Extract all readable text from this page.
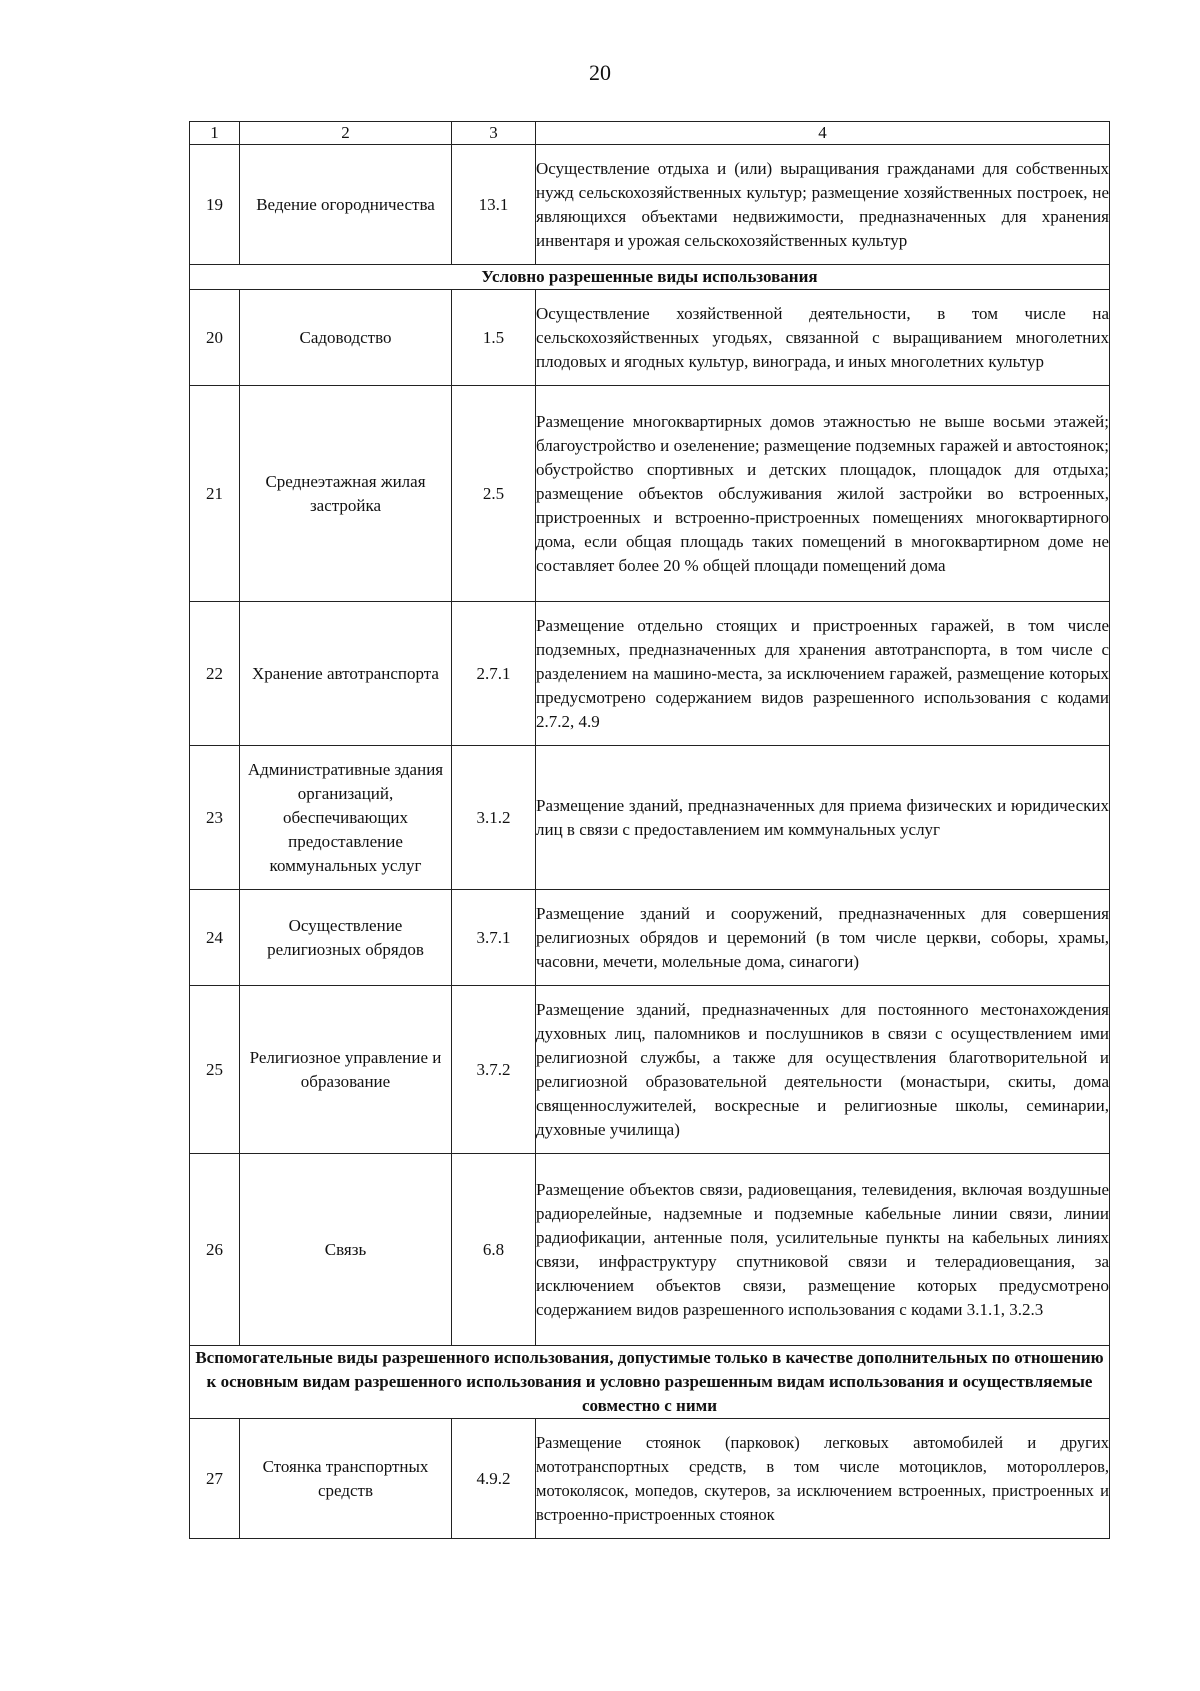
20
1	2	3	4
19	Ведение огородничества	13.1	Осуществление отдыха и (или) выращивания гражданами для собственных нужд сельскохозяйственных культур; размещение хозяйственных построек, не являющихся объектами недвижимости, предназначенных для хранения инвентаря и урожая сельскохозяйственных культур
Условно разрешенные виды использования			
20	Садоводство	1.5	Осуществление хозяйственной деятельности, в том числе на сельскохозяйственных угодьях, связанной с выращиванием многолетних плодовых и ягодных культур, винограда, и иных многолетних культур
21	Среднеэтажная жилая застройка	2.5	Размещение многоквартирных домов этажностью не выше восьми этажей; благоустройство и озеленение; размещение подземных гаражей и автостоянок; обустройство спортивных и детских площадок, площадок для отдыха; размещение объектов обслуживания жилой застройки во встроенных, пристроенных и встроенно-пристроенных помещениях многоквартирного дома, если общая площадь таких помещений в многоквартирном доме не составляет более 20 % общей площади помещений дома
22	Хранение автотранспорта	2.7.1	Размещение отдельно стоящих и пристроенных гаражей, в том числе подземных, предназначенных для хранения автотранспорта, в том числе с разделением на машино-места, за исключением гаражей, размещение которых предусмотрено содержанием видов разрешенного использования с кодами 2.7.2, 4.9
23	Административные здания организаций, обеспечивающих предоставление коммунальных услуг	3.1.2	Размещение зданий, предназначенных для приема физических и юридических лиц в связи с предоставлением им коммунальных услуг
24	Осуществление религиозных обрядов	3.7.1	Размещение зданий и сооружений, предназначенных для совершения религиозных обрядов и церемоний (в том числе церкви, соборы, храмы, часовни, мечети, молельные дома, синагоги)
25	Религиозное управление и образование	3.7.2	Размещение зданий, предназначенных для постоянного местонахождения духовных лиц, паломников и послушников в связи с осуществлением ими религиозной службы, а также для осуществления благотворительной и религиозной образовательной деятельности (монастыри, скиты, дома священнослужителей, воскресные и религиозные школы, семинарии, духовные училища)
26	Связь	6.8	Размещение объектов связи, радиовещания, телевидения, включая воздушные радиорелейные, надземные и подземные кабельные линии связи, линии радиофикации, антенные поля, усилительные пункты на кабельных линиях связи, инфраструктуру спутниковой связи и телерадиовещания, за исключением объектов связи, размещение которых предусмотрено содержанием видов разрешенного использования с кодами 3.1.1, 3.2.3
Вспомогательные виды разрешенного использования, допустимые только в качестве дополнительных по отношению к основным видам разрешенного использования и условно разрешенным видам использования и осуществляемые совместно с ними			
27	Стоянка транспортных средств	4.9.2	Размещение стоянок (парковок) легковых автомобилей и других мототранспортных средств, в том числе мотоциклов, мотороллеров, мотоколясок, мопедов, скутеров, за исключением встроенных, пристроенных и встроенно-пристроенных стоянок
